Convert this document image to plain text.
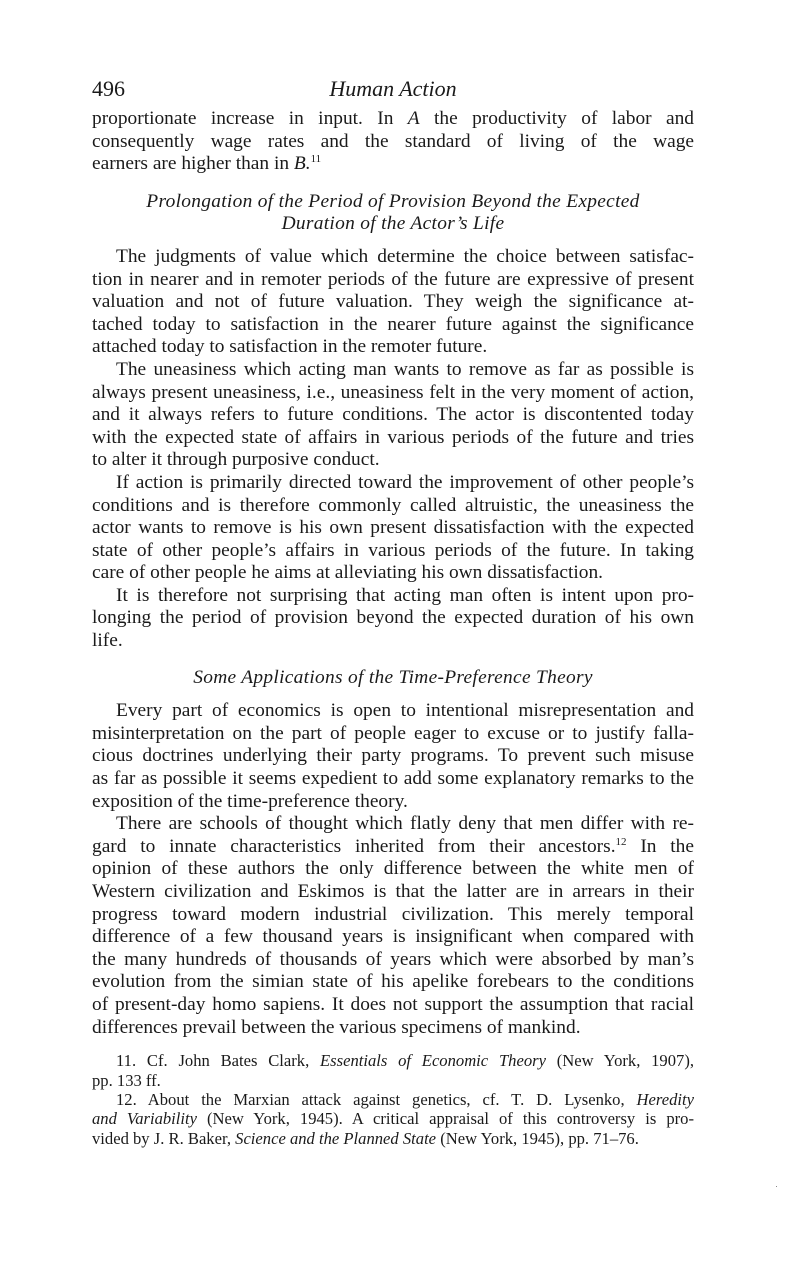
496	Human Action
proportionate increase in input. In A the productivity of labor and
consequently wage rates and the standard of living of the wage
earners are higher than in B.$^{11}$
Prolongation of the Period of Provision Beyond the Expected
Duration of the Actor’s Life
The judgments of value which determine the choice between satisfac-
tion in nearer and in remoter periods of the future are expressive of present
valuation and not of future valuation. They weigh the significance at-
tached today to satisfaction in the nearer future against the significance
attached today to satisfaction in the remoter future.
The uneasiness which acting man wants to remove as far as possible is
always present uneasiness, i.e., uneasiness felt in the very moment of action,
and it always refers to future conditions. The actor is discontented today
with the expected state of affairs in various periods of the future and tries
to alter it through purposive conduct.
If action is primarily directed toward the improvement of other people’s
conditions and is therefore commonly called altruistic, the uneasiness the
actor wants to remove is his own present dissatisfaction with the expected
state of other people’s affairs in various periods of the future. In taking
care of other people he aims at alleviating his own dissatisfaction.
It is therefore not surprising that acting man often is intent upon pro-
longing the period of provision beyond the expected duration of his own
life.
Some Applications of the Time-Preference Theory
Every part of economics is open to intentional misrepresentation and
misinterpretation on the part of people eager to excuse or to justify falla-
cious doctrines underlying their party programs. To prevent such misuse
as far as possible it seems expedient to add some explanatory remarks to the
exposition of the time-preference theory.
There are schools of thought which flatly deny that men differ with re-
gard to innate characteristics inherited from their ancestors.$^{12}$ In the
opinion of these authors the only difference between the white men of
Western civilization and Eskimos is that the latter are in arrears in their
progress toward modern industrial civilization. This merely temporal
difference of a few thousand years is insignificant when compared with
the many hundreds of thousands of years which were absorbed by man’s
evolution from the simian state of his apelike forebears to the conditions
of present-day homo sapiens. It does not support the assumption that racial
differences prevail between the various specimens of mankind.
11. Cf. John Bates Clark, Essentials of Economic Theory (New York, 1907),
pp. 133 ff.
12. About the Marxian attack against genetics, cf. T. D. Lysenko, Heredity
and Variability (New York, 1945). A critical appraisal of this controversy is pro-
vided by J. R. Baker, Science and the Planned State (New York, 1945), pp. 71–76.
